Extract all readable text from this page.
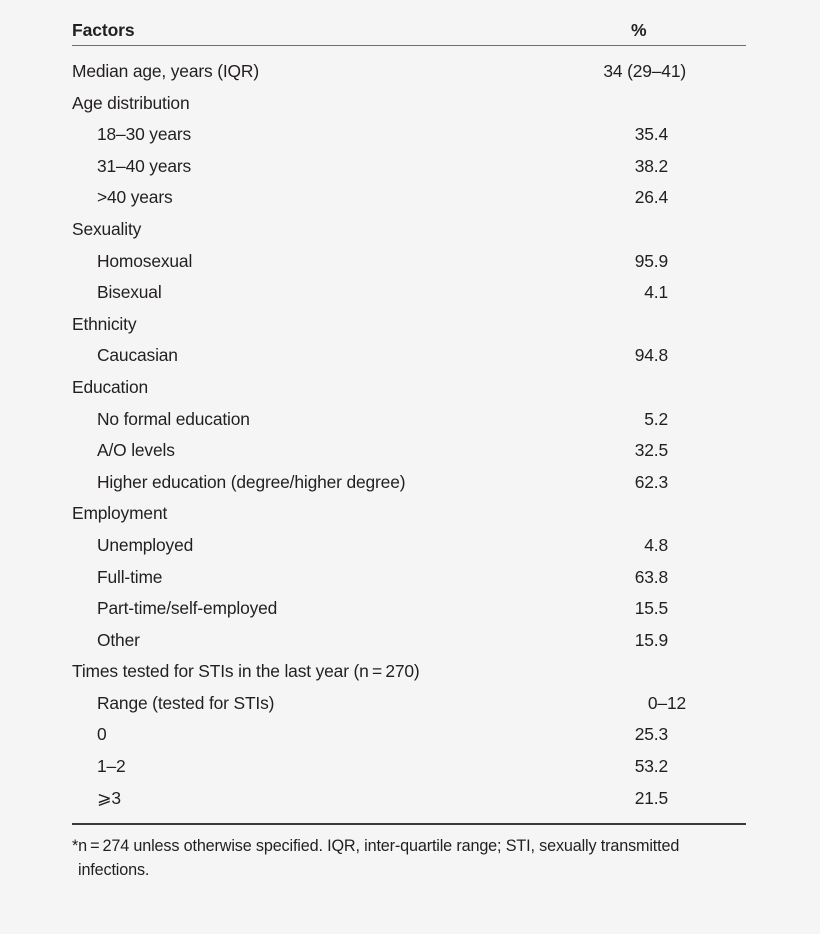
Factors	%
Median age, years (IQR)	34 (29–41)
Age distribution
18–30 years	35.4
31–40 years	38.2
>40 years	26.4
Sexuality
Homosexual	95.9
Bisexual	4.1
Ethnicity
Caucasian	94.8
Education
No formal education	5.2
A/O levels	32.5
Higher education (degree/higher degree)	62.3
Employment
Unemployed	4.8
Full-time	63.8
Part-time/self-employed	15.5
Other	15.9
Times tested for STIs in the last year (n = 270)
Range (tested for STIs)	0–12
0	25.3
1–2	53.2
⩾3	21.5
*n = 274 unless otherwise specified. IQR, inter-quartile range; STI, sexually transmitted infections.
